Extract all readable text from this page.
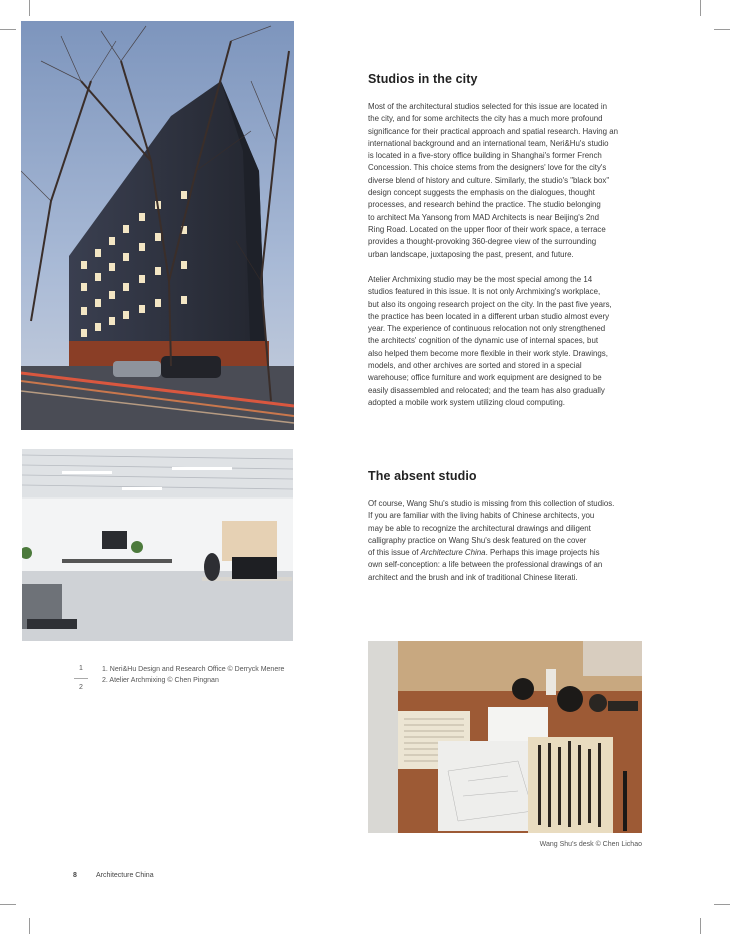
Studios in the city

Most of the architectural studios selected for this issue are located in
the city, and for some architects the city has a much more profound
significance for their practical approach and spatial research. Having an
international background and an international team, Neri&Hu's studio
is located in a five-story office building in Shanghai's former French
Concession. This choice stems from the designers' love for the city's
diverse blend of history and culture. Similarly, the studio's "black box"
design concept suggests the emphasis on the dialogues, thought
processes, and research behind the practice. The studio belonging
to architect Ma Yansong from MAD Architects is near Beijing's 2nd
Ring Road. Located on the upper floor of their work space, a terrace
provides a thought-provoking 360-degree view of the surrounding
urban landscape, juxtaposing the past, present, and future.

Atelier Archmixing studio may be the most special among the 14
studios featured in this issue. It is not only Archmixing's workplace,
but also its ongoing research project on the city. In the past five years,
the practice has been located in a different urban studio almost every
year. The experience of continuous relocation not only strengthened
the architects' cognition of the dynamic use of internal spaces, but
also helped them become more flexible in their work style. Drawings,
models, and other archives are sorted and stored in a special
warehouse; office furniture and work equipment are designed to be
easily disassembled and relocated; and the team has also gradually
adopted a mobile work system utilizing cloud computing.

The absent studio

Of course, Wang Shu's studio is missing from this collection of studios.
If you are familiar with the living habits of Chinese architects, you
may be able to recognize the architectural drawings and diligent
calligraphy practice on Wang Shu's desk featured on the cover
of this issue of Architecture China. Perhaps this image projects his
own self-conception: a life between the professional drawings of an
architect and the brush and ink of traditional Chinese literati.

1
2
1. Neri&Hu Design and Research Office © Derryck Menere
2. Atelier Archmixing © Chen Pingnan
Wang Shu's desk © Chen Lichao
8	Architecture China
